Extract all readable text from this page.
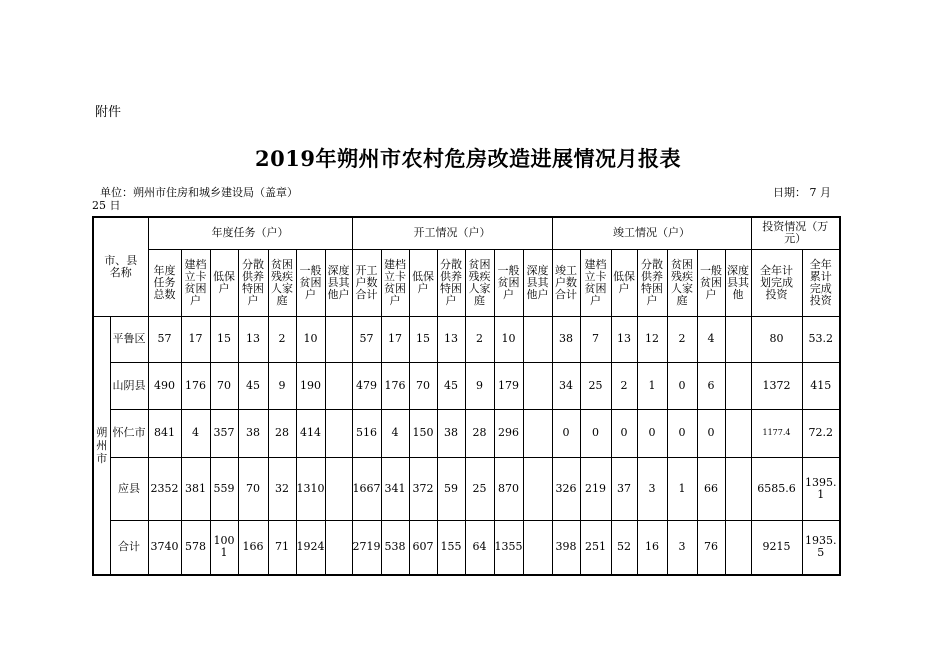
附件
2019年朔州市农村危房改造进展情况月报表
单位：朔州市住房和城乡建设局（盖章）	日期： 7 月
25 日
市、县名称		年度任务（户）							开工情况（户）							竣工情况（户）							投资情况（万元）	
		年度任务总数	建档立卡贫困户	低保户	分散供养特困户	贫困残疾人家庭	一般贫困户	深度县其他户	开工户数合计	建档立卡贫困户	低保户	分散供养特困户	贫困残疾人家庭	一般贫困户	深度县其他户	竣工户数合计	建档立卡贫困户	低保户	分散供养特困户	贫困残疾人家庭	一般贫困户	深度县其他	全年计划完成投资	全年累计完成投资
朔州市	平鲁区	57	17	15	13	2	10		57	17	15	13	2	10		38	7	13	12	2	4		80	53.2
	山阴县	490	176	70	45	9	190		479	176	70	45	9	179		34	25	2	1	0	6		1372	415
	怀仁市	841	4	357	38	28	414		516	4	150	38	28	296		0	0	0	0	0	0		1177.4	72.2
	应县	2352	381	559	70	32	1310		1667	341	372	59	25	870		326	219	37	3	1	66		6585.6	1395.1
	合计	3740	578	1001	166	71	1924		2719	538	607	155	64	1355		398	251	52	16	3	76		9215	1935.5
